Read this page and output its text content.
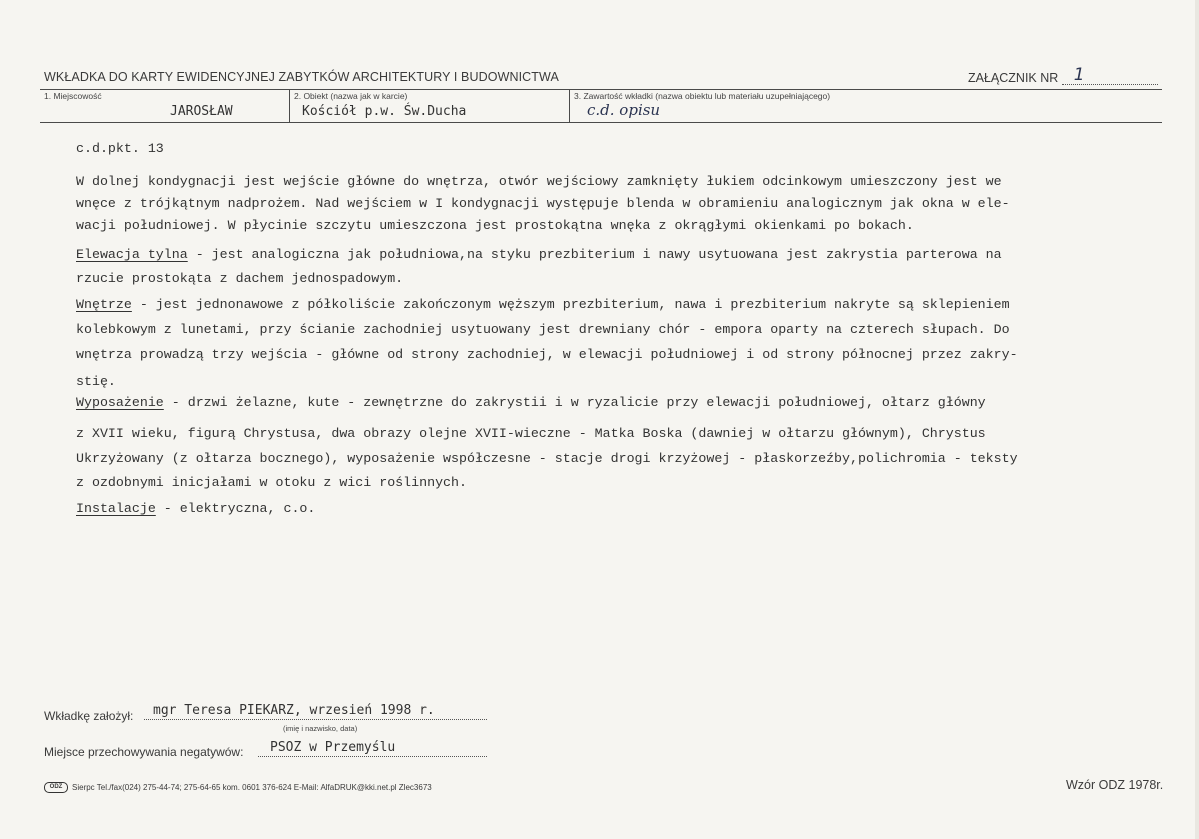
WKŁADKA DO KARTY EWIDENCYJNEJ ZABYTKÓW ARCHITEKTURY I BUDOWNICTWA	ZAŁĄCZNIK NR 1
1. Miejscowość
JAROSŁAW
2. Obiekt (nazwa jak w karcie)
Kościół p.w. Św.Ducha
3. Zawartość wkładki (nazwa obiektu lub materiału uzupełniającego)
c.d. opisu
c.d.pkt. 13
W dolnej kondygnacji jest wejście główne do wnętrza, otwór wejściowy zamknięty łukiem odcinkowym umieszczony jest we
wnęce z trójkątnym nadprożem. Nad wejściem w I kondygnacji występuje blenda w obramieniu analogicznym jak okna w ele-
wacji południowej. W płycinie szczytu umieszczona jest prostokątna wnęka z okrągłymi okienkami po bokach.
Elewacja tylna - jest analogiczna jak południowa,na styku prezbiterium i nawy usytuowana jest zakrystia parterowa na
rzucie prostokąta z dachem jednospadowym.
Wnętrze - jest jednonawowe z półkoliście zakończonym węższym prezbiterium, nawa i prezbiterium nakryte są sklepieniem
kolebkowym z lunetami, przy ścianie zachodniej usytuowany jest drewniany chór - empora oparty na czterech słupach. Do
wnętrza prowadzą trzy wejścia - główne od strony zachodniej, w elewacji południowej i od strony północnej przez zakry-
stię.
Wyposażenie - drzwi żelazne, kute - zewnętrzne do zakrystii i w ryzalicie przy elewacji południowej, ołtarz główny
z XVII wieku, figurą Chrystusa, dwa obrazy olejne XVII-wieczne - Matka Boska (dawniej w ołtarzu głównym), Chrystus
Ukrzyżowany (z ołtarza bocznego), wyposażenie współczesne - stacje drogi krzyżowej - płaskorzeźby,polichromia - teksty
z ozdobnymi inicjałami w otoku z wici roślinnych.
Instalacje - elektryczna, c.o.
Wkładkę założył: mgr Teresa PIEKARZ, wrzesień 1998 r.
(imię i nazwisko, data)
Miejsce przechowywania negatywów: PSOZ w Przemyślu
ODZ	Sierpc Tel./fax(024) 275-44-74; 275-64-65 kom. 0601 376-624 E-Mail: AlfaDRUK@kki.net.pl Zlec3673	Wzór ODZ 1978r.
